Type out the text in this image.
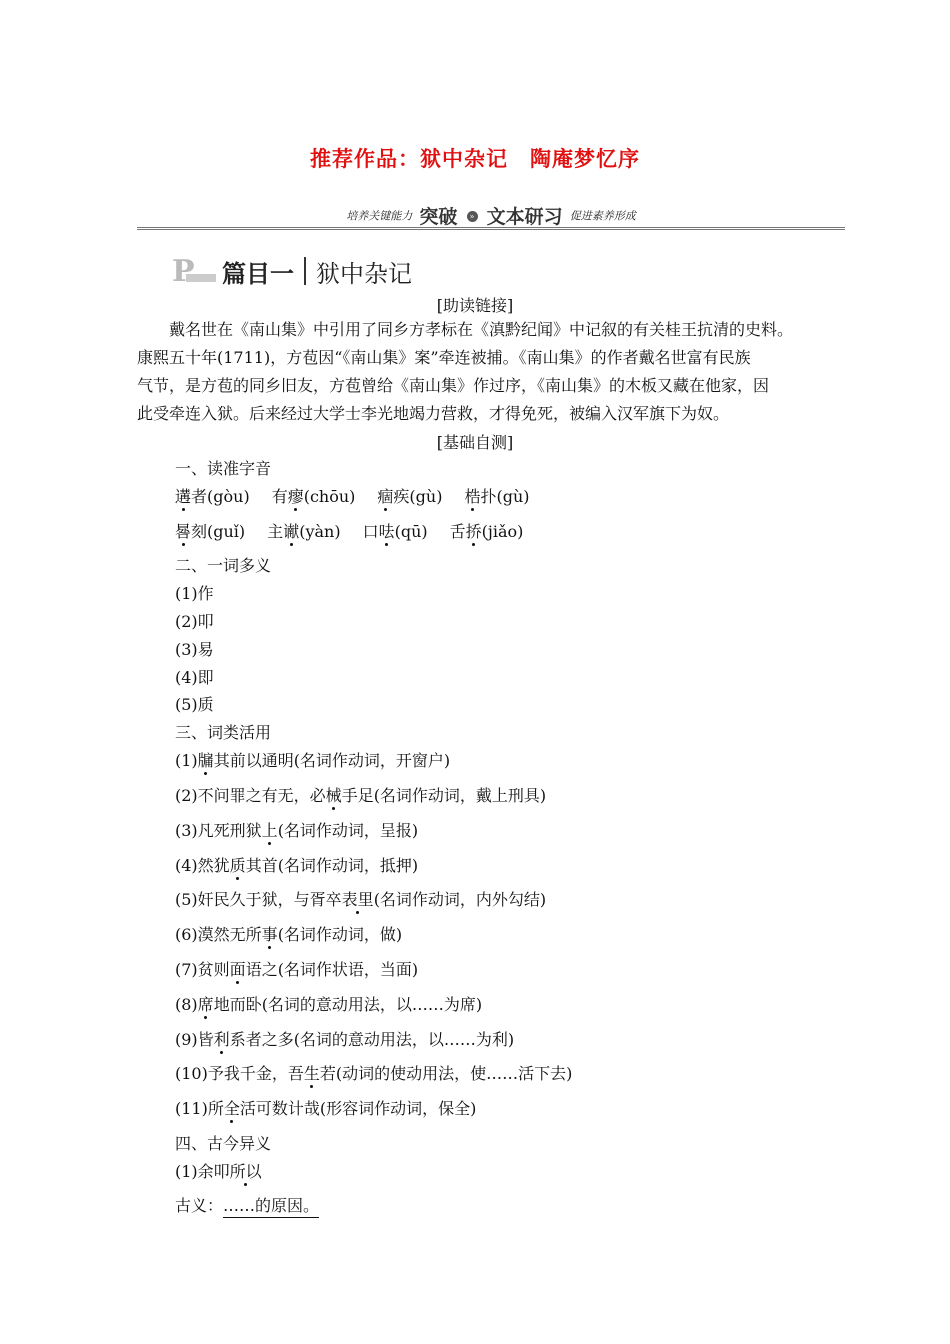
推荐作品：狱中杂记　陶庵梦忆序
培养关键能力 突破 » 文本研习 促进素养形成
P 篇目一 狱中杂记
[助读链接]
戴名世在《南山集》中引用了同乡方孝标在《滇黔纪闻》中记叙的有关桂王抗清的史料。
康熙五十年(1711)，方苞因“《南山集》案”牵连被捕。《南山集》的作者戴名世富有民族
气节，是方苞的同乡旧友，方苞曾给《南山集》作过序，《南山集》的木板又藏在他家，因
此受牵连入狱。后来经过大学士李光地竭力营救，才得免死，被编入汉军旗下为奴。
[基础自测]
一、读准字音
遘者(gòu) 有瘳(chōu) 痼疾(gù) 梏扑(gù)
晷刻(guǐ) 主谳(yàn) 口呿(qū) 舌挢(jiǎo)
二、一词多义
(1)作
(2)叩
(3)易
(4)即
(5)质
三、词类活用
(1)牖其前以通明(名词作动词，开窗户)
(2)不问罪之有无，必械手足(名词作动词，戴上刑具)
(3)凡死刑狱上(名词作动词，呈报)
(4)然犹质其首(名词作动词，抵押)
(5)奸民久于狱，与胥卒表里(名词作动词，内外勾结)
(6)漠然无所事(名词作动词，做)
(7)贫则面语之(名词作状语，当面)
(8)席地而卧(名词的意动用法，以……为席)
(9)皆利系者之多(名词的意动用法，以……为利)
(10)予我千金，吾生若(动词的使动用法，使……活下去)
(11)所全活可数计哉(形容词作动词，保全)
四、古今异义
(1)余叩所以
古义：……的原因。
